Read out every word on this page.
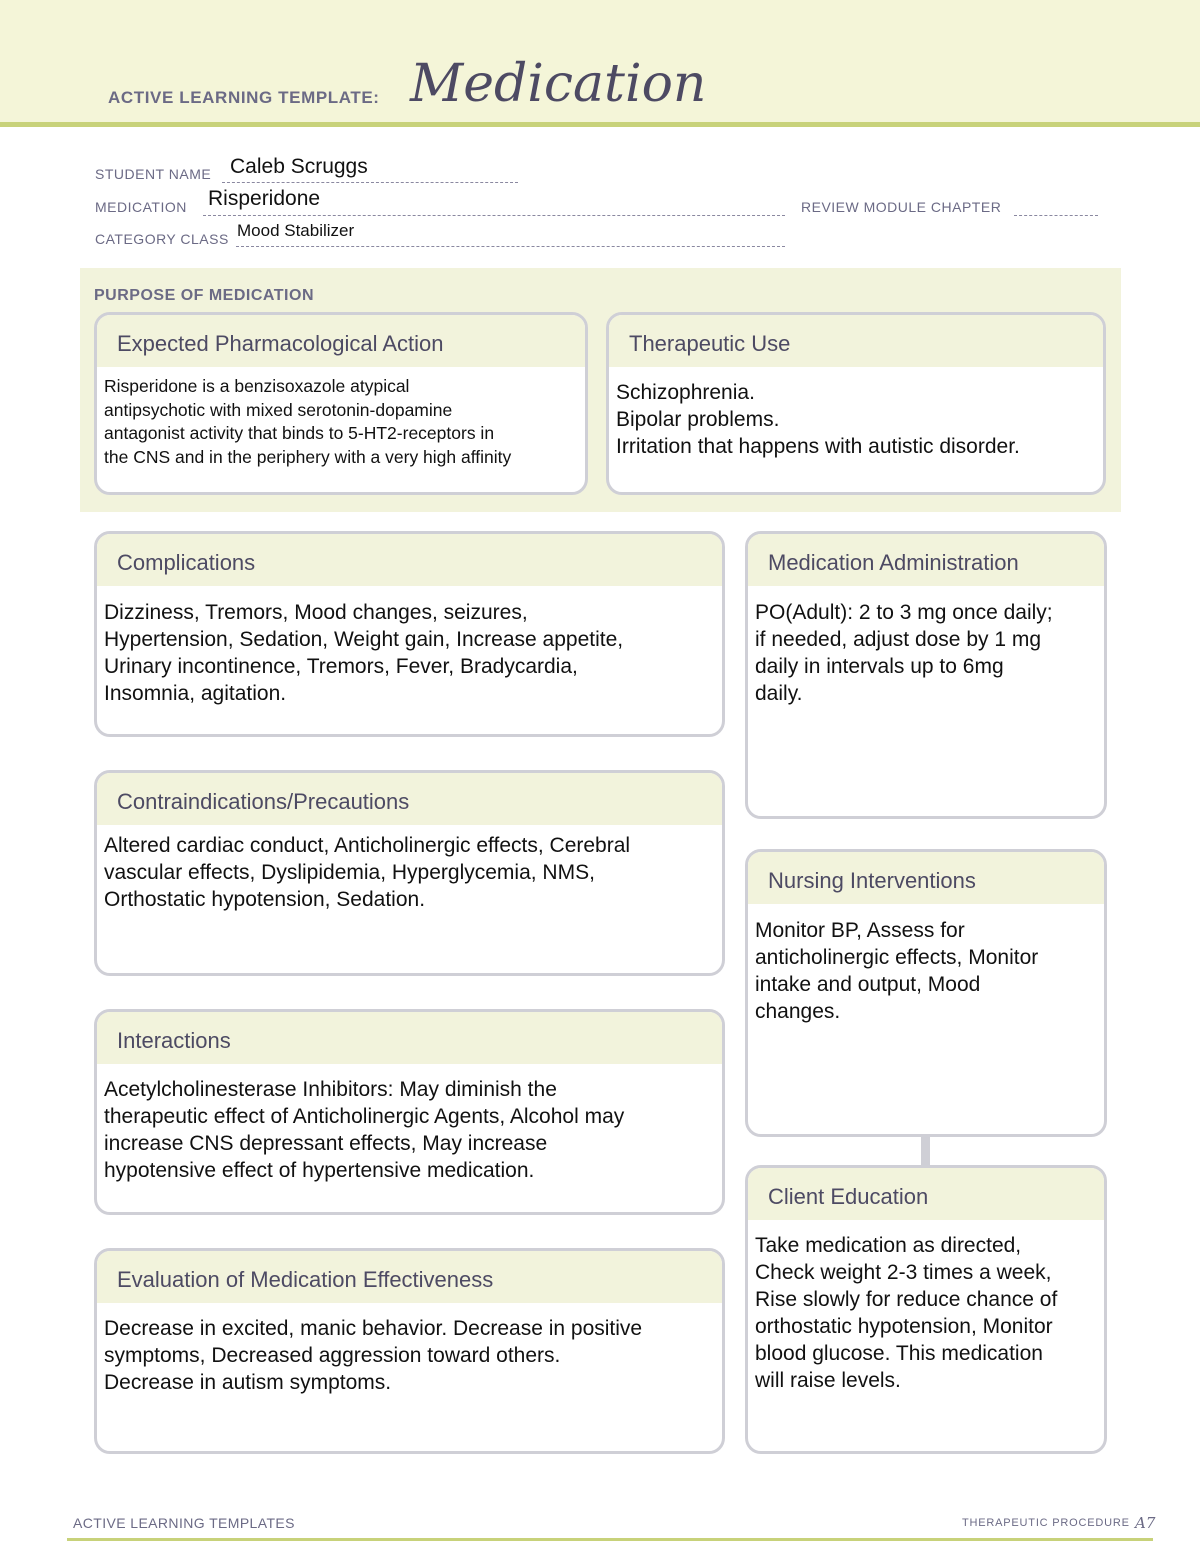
ACTIVE LEARNING TEMPLATE: Medication
STUDENT NAME Caleb Scruggs
MEDICATION Risperidone	REVIEW MODULE CHAPTER
CATEGORY CLASS Mood Stabilizer
PURPOSE OF MEDICATION
Expected Pharmacological Action
Risperidone is a benzisoxazole atypical
antipsychotic with mixed serotonin-dopamine
antagonist activity that binds to 5-HT2-receptors in
the CNS and in the periphery with a very high affinity
Therapeutic Use
Schizophrenia.
Bipolar problems.
Irritation that happens with autistic disorder.
Complications
Dizziness, Tremors, Mood changes, seizures,
Hypertension, Sedation, Weight gain, Increase appetite,
Urinary incontinence, Tremors, Fever, Bradycardia,
Insomnia, agitation.
Contraindications/Precautions
Altered cardiac conduct, Anticholinergic effects, Cerebral
vascular effects, Dyslipidemia, Hyperglycemia, NMS,
Orthostatic hypotension, Sedation.
Interactions
Acetylcholinesterase Inhibitors: May diminish the
therapeutic effect of Anticholinergic Agents, Alcohol may
increase CNS depressant effects, May increase
hypotensive effect of hypertensive medication.
Evaluation of Medication Effectiveness
Decrease in excited, manic behavior. Decrease in positive
symptoms, Decreased aggression toward others.
Decrease in autism symptoms.
Medication Administration
PO(Adult): 2 to 3 mg once daily;
if needed, adjust dose by 1 mg
daily in intervals up to 6mg
daily.
Nursing Interventions
Monitor BP, Assess for
anticholinergic effects, Monitor
intake and output, Mood
changes.
Client Education
Take medication as directed,
Check weight 2-3 times a week,
Rise slowly for reduce chance of
orthostatic hypotension, Monitor
blood glucose. This medication
will raise levels.
ACTIVE LEARNING TEMPLATES	THERAPEUTIC PROCEDURE A7
